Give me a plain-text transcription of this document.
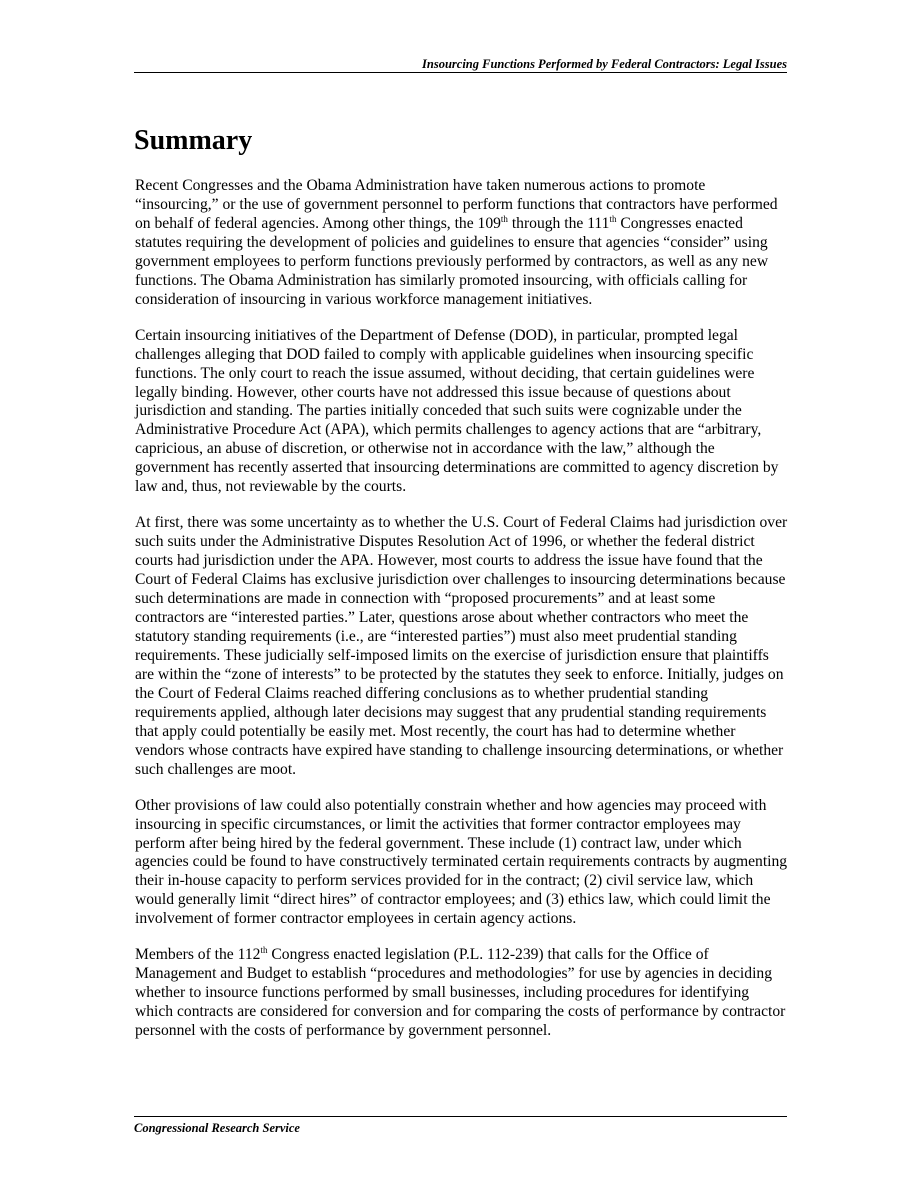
Insourcing Functions Performed by Federal Contractors: Legal Issues
Summary

Recent Congresses and the Obama Administration have taken numerous actions to promote “insourcing,” or the use of government personnel to perform functions that contractors have performed on behalf of federal agencies. Among other things, the 109th through the 111th Congresses enacted statutes requiring the development of policies and guidelines to ensure that agencies “consider” using government employees to perform functions previously performed by contractors, as well as any new functions. The Obama Administration has similarly promoted insourcing, with officials calling for consideration of insourcing in various workforce management initiatives.

Certain insourcing initiatives of the Department of Defense (DOD), in particular, prompted legal challenges alleging that DOD failed to comply with applicable guidelines when insourcing specific functions. The only court to reach the issue assumed, without deciding, that certain guidelines were legally binding. However, other courts have not addressed this issue because of questions about jurisdiction and standing. The parties initially conceded that such suits were cognizable under the Administrative Procedure Act (APA), which permits challenges to agency actions that are “arbitrary, capricious, an abuse of discretion, or otherwise not in accordance with the law,” although the government has recently asserted that insourcing determinations are committed to agency discretion by law and, thus, not reviewable by the courts.

At first, there was some uncertainty as to whether the U.S. Court of Federal Claims had jurisdiction over such suits under the Administrative Disputes Resolution Act of 1996, or whether the federal district courts had jurisdiction under the APA. However, most courts to address the issue have found that the Court of Federal Claims has exclusive jurisdiction over challenges to insourcing determinations because such determinations are made in connection with “proposed procurements” and at least some contractors are “interested parties.” Later, questions arose about whether contractors who meet the statutory standing requirements (i.e., are “interested parties”) must also meet prudential standing requirements. These judicially self-imposed limits on the exercise of jurisdiction ensure that plaintiffs are within the “zone of interests” to be protected by the statutes they seek to enforce. Initially, judges on the Court of Federal Claims reached differing conclusions as to whether prudential standing requirements applied, although later decisions may suggest that any prudential standing requirements that apply could potentially be easily met. Most recently, the court has had to determine whether vendors whose contracts have expired have standing to challenge insourcing determinations, or whether such challenges are moot.

Other provisions of law could also potentially constrain whether and how agencies may proceed with insourcing in specific circumstances, or limit the activities that former contractor employees may perform after being hired by the federal government. These include (1) contract law, under which agencies could be found to have constructively terminated certain requirements contracts by augmenting their in-house capacity to perform services provided for in the contract; (2) civil service law, which would generally limit “direct hires” of contractor employees; and (3) ethics law, which could limit the involvement of former contractor employees in certain agency actions.

Members of the 112th Congress enacted legislation (P.L. 112-239) that calls for the Office of Management and Budget to establish “procedures and methodologies” for use by agencies in deciding whether to insource functions performed by small businesses, including procedures for identifying which contracts are considered for conversion and for comparing the costs of performance by contractor personnel with the costs of performance by government personnel.

Congressional Research Service
